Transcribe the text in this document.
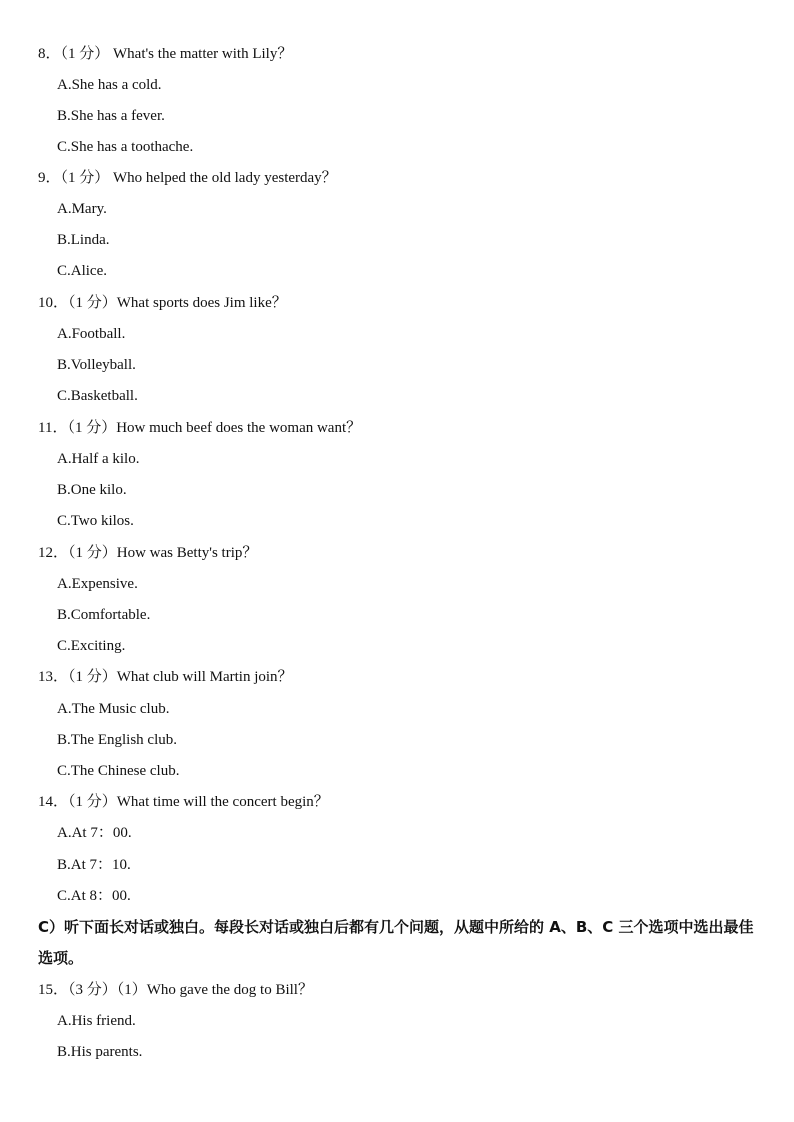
8．（1 分） What's the matter with Lily？
A.She has a cold.
B.She has a fever.
C.She has a toothache.
9．（1 分） Who helped the old lady yesterday？
A.Mary.
B.Linda.
C.Alice.
10．（1 分）What sports does Jim like？
A.Football.
B.Volleyball.
C.Basketball.
11．（1 分）How much beef does the woman want？
A.Half a kilo.
B.One kilo.
C.Two kilos.
12．（1 分）How was Betty's trip？
A.Expensive.
B.Comfortable.
C.Exciting.
13．（1 分）What club will Martin join？
A.The Music club.
B.The English club.
C.The Chinese club.
14．（1 分）What time will the concert begin？
A.At 7：00.
B.At 7：10.
C.At 8：00.
C）听下面长对话或独白。每段长对话或独白后都有几个问题，从题中所给的 A、B、C 三个选项中选出最佳选项。
15．（3 分）（1）Who gave the dog to Bill？
A.His friend.
B.His parents.
